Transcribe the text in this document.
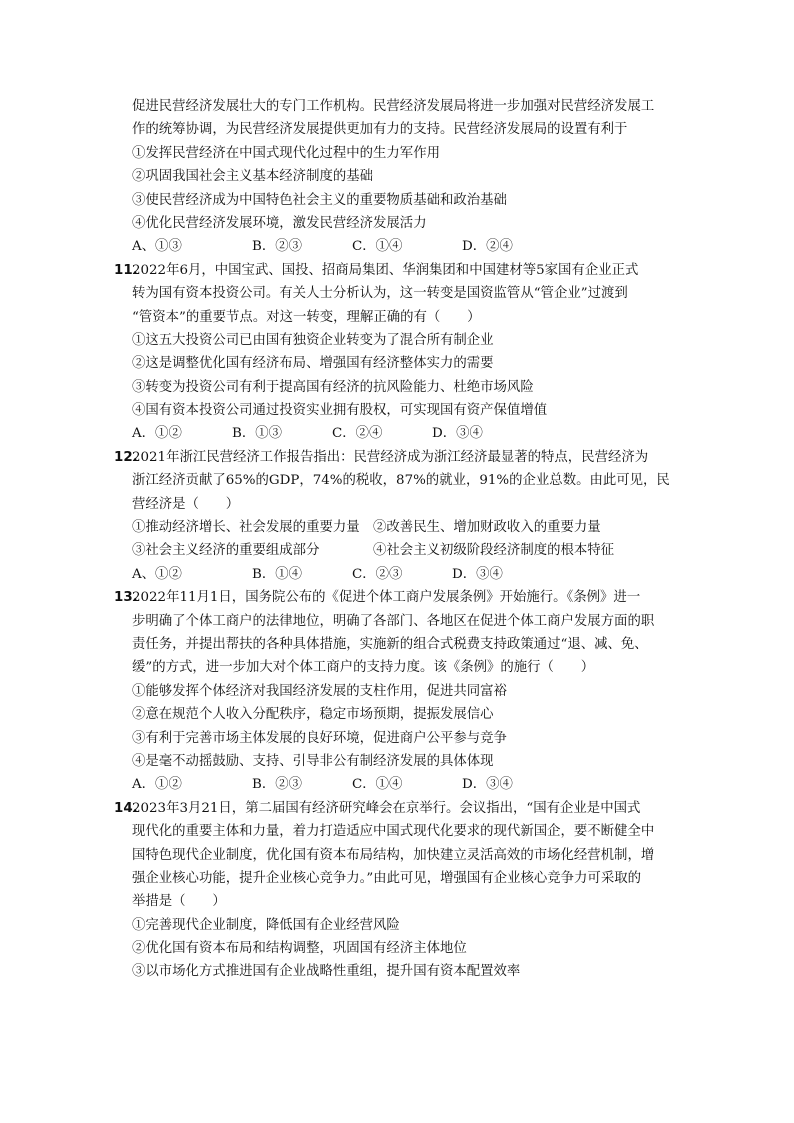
促进民营经济发展壮大的专门工作机构。民营经济发展局将进一步加强对民营经济发展工
作的统筹协调，为民营经济发展提供更加有力的支持。民营经济发展局的设置有利于
①发挥民营经济在中国式现代化过程中的生力军作用
②巩固我国社会主义基本经济制度的基础
③使民营经济成为中国特色社会主义的重要物质基础和政治基础
④优化民营经济发展环境，激发民营经济发展活力
A、①③	B．②③	C．①④	D．②④
11.
2022年6月，中国宝武、国投、招商局集团、华润集团和中国建材等5家国有企业正式
转为国有资本投资公司。有关人士分析认为，这一转变是国资监管从“管企业”过渡到
“管资本”的重要节点。对这一转变，理解正确的有（　　）
①这五大投资公司已由国有独资企业转变为了混合所有制企业
②这是调整优化国有经济布局、增强国有经济整体实力的需要
③转变为投资公司有利于提高国有经济的抗风险能力、杜绝市场风险
④国有资本投资公司通过投资实业拥有股权，可实现国有资产保值增值
A．①②	B．①③	C．②④	D．③④
12.
2021年浙江民营经济工作报告指出：民营经济成为浙江经济最显著的特点，民营经济为
浙江经济贡献了65%的GDP，74%的税收，87%的就业，91%的企业总数。由此可见，民
营经济是（　　）
①推动经济增长、社会发展的重要力量　②改善民生、增加财政收入的重要力量
③社会主义经济的重要组成部分　　　　④社会主义初级阶段经济制度的根本特征
A、①②	B．①④	C．②③	D．③④
13.
2022年11月1日，国务院公布的《促进个体工商户发展条例》开始施行。《条例》进一
步明确了个体工商户的法律地位，明确了各部门、各地区在促进个体工商户发展方面的职
责任务，并提出帮扶的各种具体措施，实施新的组合式税费支持政策通过“退、减、免、
缓”的方式，进一步加大对个体工商户的支持力度。该《条例》的施行（　　）
①能够发挥个体经济对我国经济发展的支柱作用，促进共同富裕
②意在规范个人收入分配秩序，稳定市场预期，提振发展信心
③有利于完善市场主体发展的良好环境，促进商户公平参与竞争
④是毫不动摇鼓励、支持、引导非公有制经济发展的具体体现
A．①②	B．②③	C．①④	D．③④
14.
2023年3月21日，第二届国有经济研究峰会在京举行。会议指出，“国有企业是中国式
现代化的重要主体和力量，着力打造适应中国式现代化要求的现代新国企，要不断健全中
国特色现代企业制度，优化国有资本布局结构，加快建立灵活高效的市场化经营机制，增
强企业核心功能，提升企业核心竞争力。”由此可见，增强国有企业核心竞争力可采取的
举措是（　　）
①完善现代企业制度，降低国有企业经营风险
②优化国有资本布局和结构调整，巩固国有经济主体地位
③以市场化方式推进国有企业战略性重组，提升国有资本配置效率
